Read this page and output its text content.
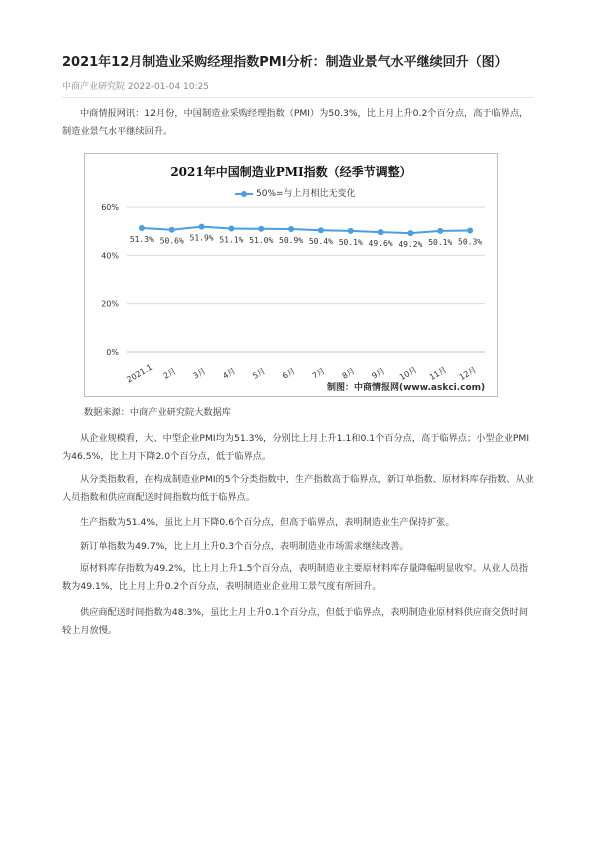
2021年12月制造业采购经理指数PMI分析：制造业景气水平继续回升（图）
中商产业研究院 2022-01-04 10:25

中商情报网讯：12月份，中国制造业采购经理指数（PMI）为50.3%，比上月上升0.2个百分点，高于临界点，制造业景气水平继续回升。

0%
20%
40%
60%
51.3%
2021.1
50.6%
2月
51.9%
3月
51.1%
4月
51.0%
5月
50.9%
6月
50.4%
7月
50.1%
8月
49.6%
9月
49.2%
10月
50.1%
11月
50.3%
12月
2021年中国制造业PMI指数（经季节调整）
50%=与上月相比无变化
制图：中商情报网(www.askci.com)

数据来源：中商产业研究院大数据库

从企业规模看，大、中型企业PMI均为51.3%，分别比上月上升1.1和0.1个百分点，高于临界点；小型企业PMI为46.5%，比上月下降2.0个百分点，低于临界点。

从分类指数看，在构成制造业PMI的5个分类指数中，生产指数高于临界点，新订单指数、原材料库存指数、从业人员指数和供应商配送时间指数均低于临界点。

生产指数为51.4%，虽比上月下降0.6个百分点，但高于临界点，表明制造业生产保持扩张。

新订单指数为49.7%，比上月上升0.3个百分点，表明制造业市场需求继续改善。

原材料库存指数为49.2%，比上月上升1.5个百分点，表明制造业主要原材料库存量降幅明显收窄。从业人员指数为49.1%，比上月上升0.2个百分点，表明制造业企业用工景气度有所回升。

供应商配送时间指数为48.3%，虽比上月上升0.1个百分点，但低于临界点，表明制造业原材料供应商交货时间较上月放慢。
